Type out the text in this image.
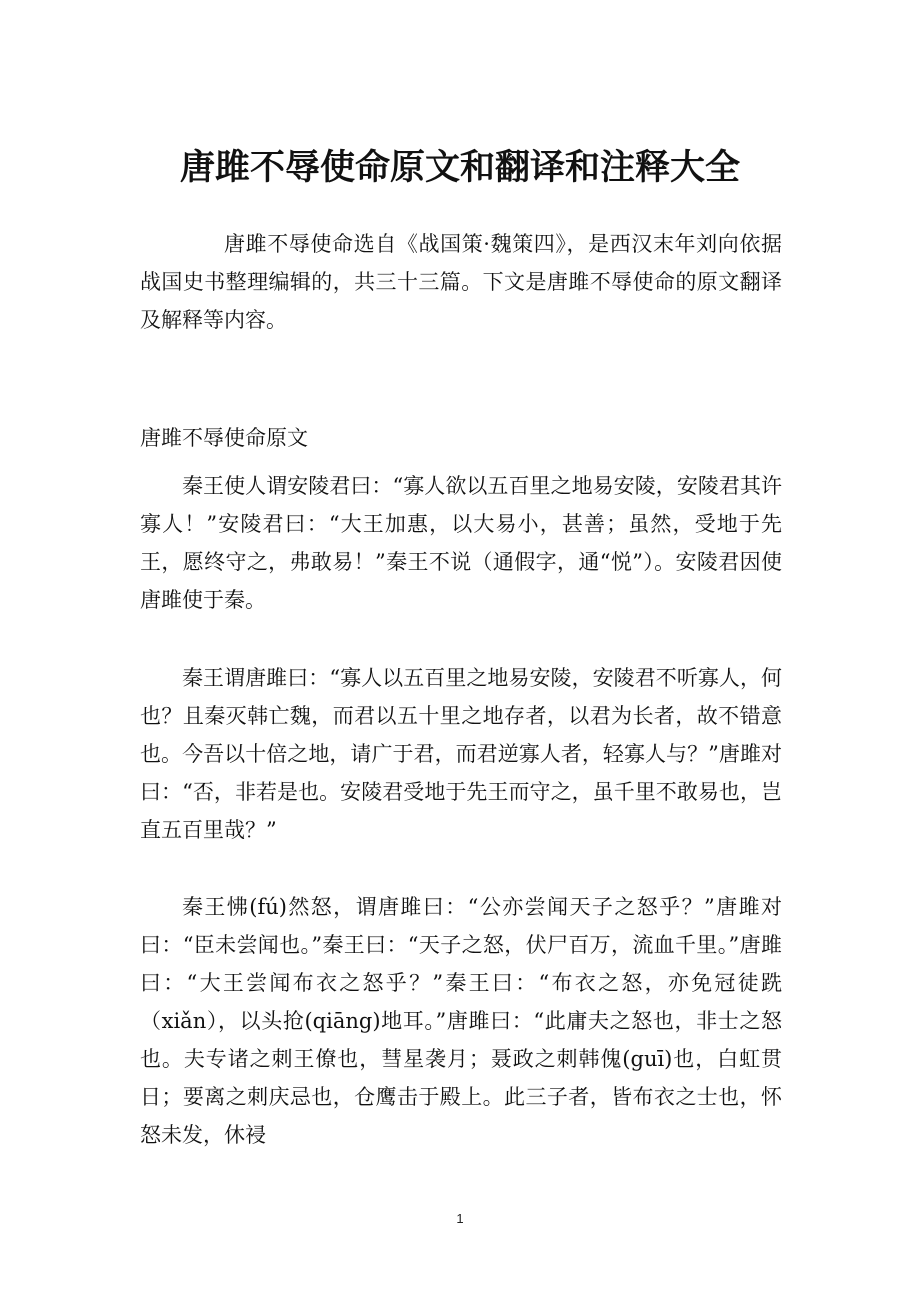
唐雎不辱使命原文和翻译和注释大全

唐雎不辱使命选自《战国策·魏策四》，是西汉末年刘向依据战国史书整理编辑的，共三十三篇。下文是唐雎不辱使命的原文翻译及解释等内容。

唐雎不辱使命原文

秦王使人谓安陵君曰：“寡人欲以五百里之地易安陵，安陵君其许寡人！”安陵君曰：“大王加惠，以大易小，甚善；虽然，受地于先王，愿终守之，弗敢易！”秦王不说（通假字，通“悦”）。安陵君因使唐雎使于秦。

秦王谓唐雎曰：“寡人以五百里之地易安陵，安陵君不听寡人，何也？且秦灭韩亡魏，而君以五十里之地存者，以君为长者，故不错意也。今吾以十倍之地，请广于君，而君逆寡人者，轻寡人与？”唐雎对曰：“否，非若是也。安陵君受地于先王而守之，虽千里不敢易也，岂直五百里哉？”

秦王怫(fú)然怒，谓唐雎曰：“公亦尝闻天子之怒乎？”唐雎对曰：“臣未尝闻也。”秦王曰：“天子之怒，伏尸百万，流血千里。”唐雎曰：“大王尝闻布衣之怒乎？”秦王曰：“布衣之怒，亦免冠徒跣（xiǎn），以头抢(qiāng)地耳。”唐雎曰：“此庸夫之怒也，非士之怒也。夫专诸之刺王僚也，彗星袭月；聂政之刺韩傀(guī)也，白虹贯日；要离之刺庆忌也，仓鹰击于殿上。此三子者，皆布衣之士也，怀怒未发，休祲

1
